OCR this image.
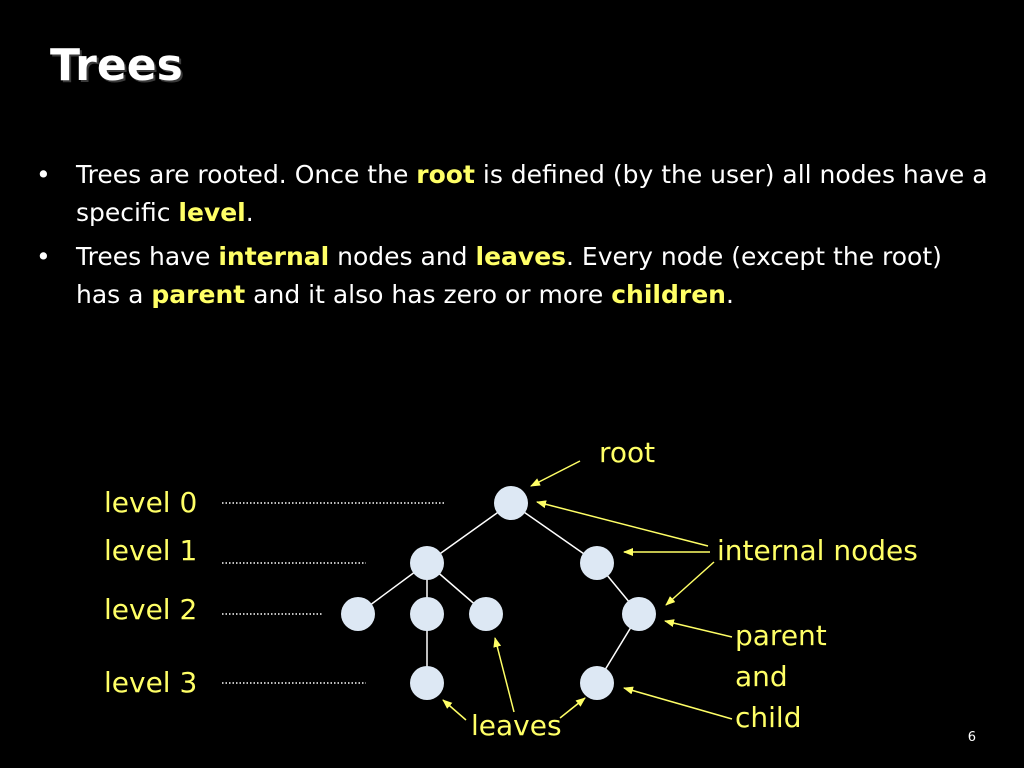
Trees
• Trees are rooted. Once the root is defined (by the user) all nodes have a specific level.
• Trees have internal nodes and leaves. Every node (except the root) has a parent and it also has zero or more children.
level 0
level 1
level 2
level 3
root
internal nodes
parent
and
child
leaves	6
